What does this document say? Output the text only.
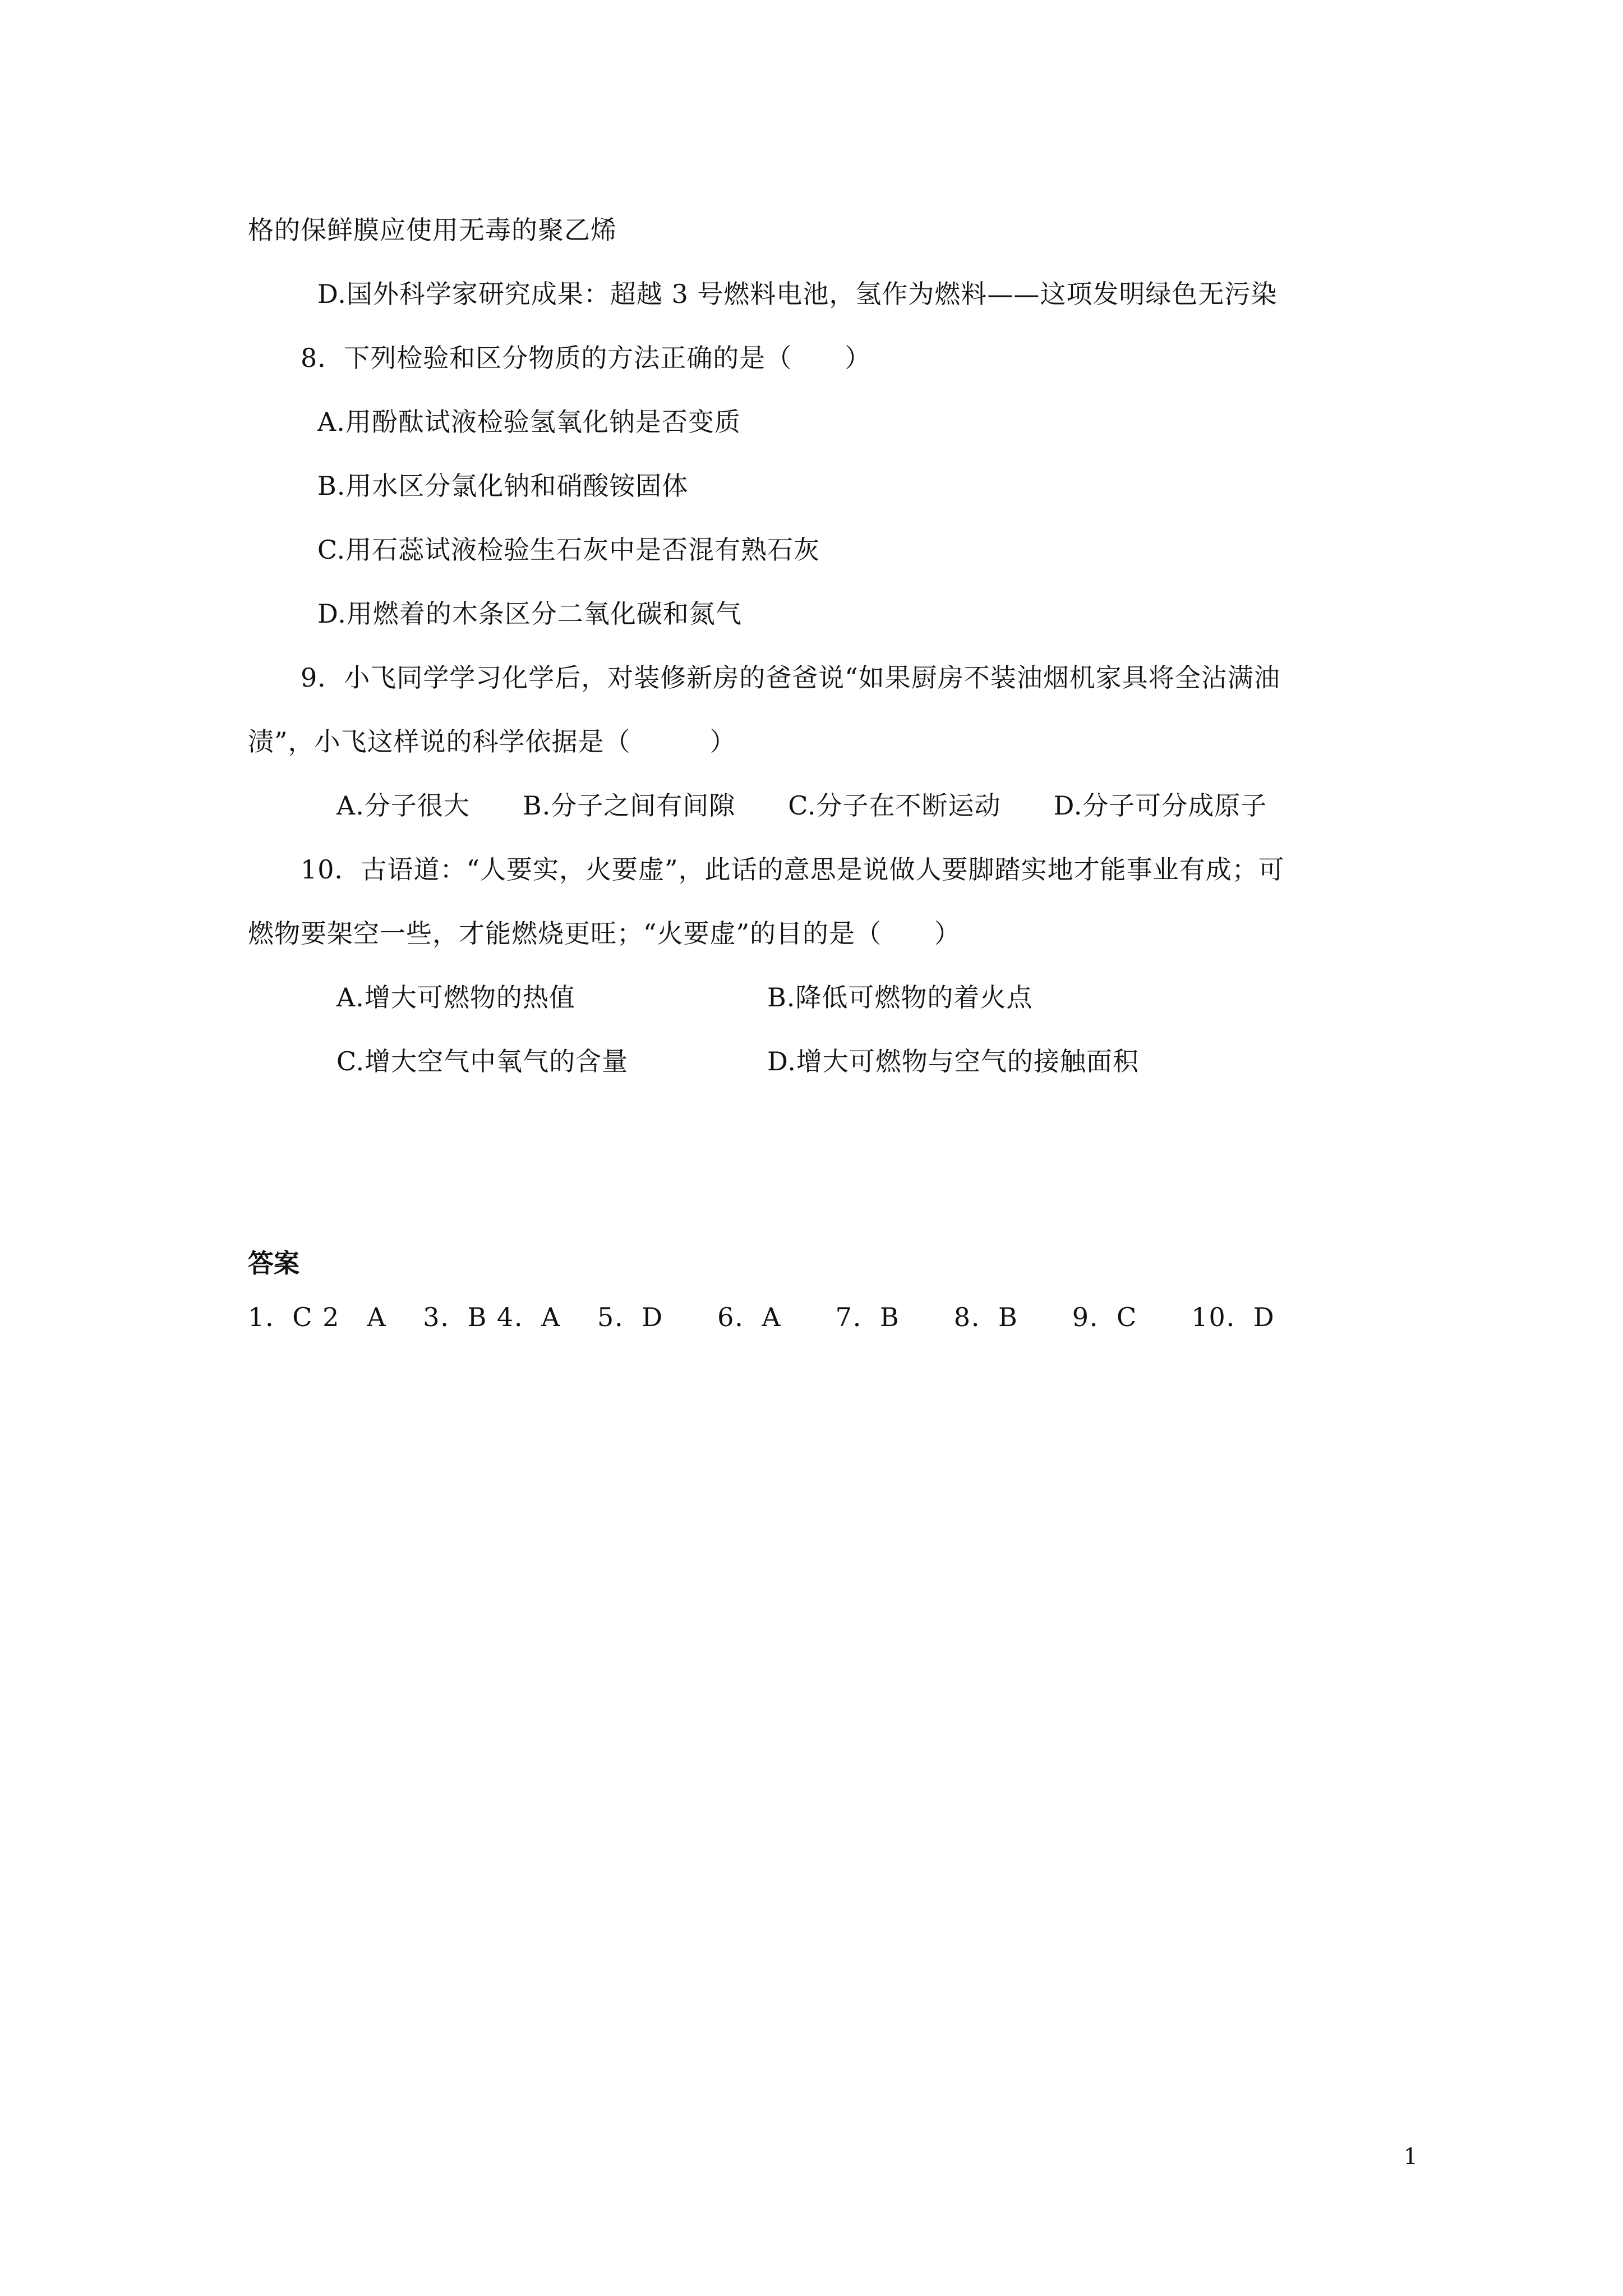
格的保鲜膜应使用无毒的聚乙烯
D.国外科学家研究成果：超越 3 号燃料电池，氢作为燃料——这项发明绿色无污染
8．下列检验和区分物质的方法正确的是（　　）
A.用酚酞试液检验氢氧化钠是否变质
B.用水区分氯化钠和硝酸铵固体
C.用石蕊试液检验生石灰中是否混有熟石灰
D.用燃着的木条区分二氧化碳和氮气
9．小飞同学学习化学后，对装修新房的爸爸说“如果厨房不装油烟机家具将全沾满油
渍”，小飞这样说的科学依据是（　　　）
A.分子很大　　B.分子之间有间隙　　C.分子在不断运动　　D.分子可分成原子
10．古语道：“人要实，火要虚”，此话的意思是说做人要脚踏实地才能事业有成；可
燃物要架空一些，才能燃烧更旺；“火要虚”的目的是（　　）
A.增大可燃物的热值	B.降低可燃物的着火点
C.增大空气中氧气的含量	D.增大可燃物与空气的接触面积
答案
1．C 2　A　 3．B 4．A　 5．D　　6．A　　7．B　　8．B　　9．C　　10．D
1
